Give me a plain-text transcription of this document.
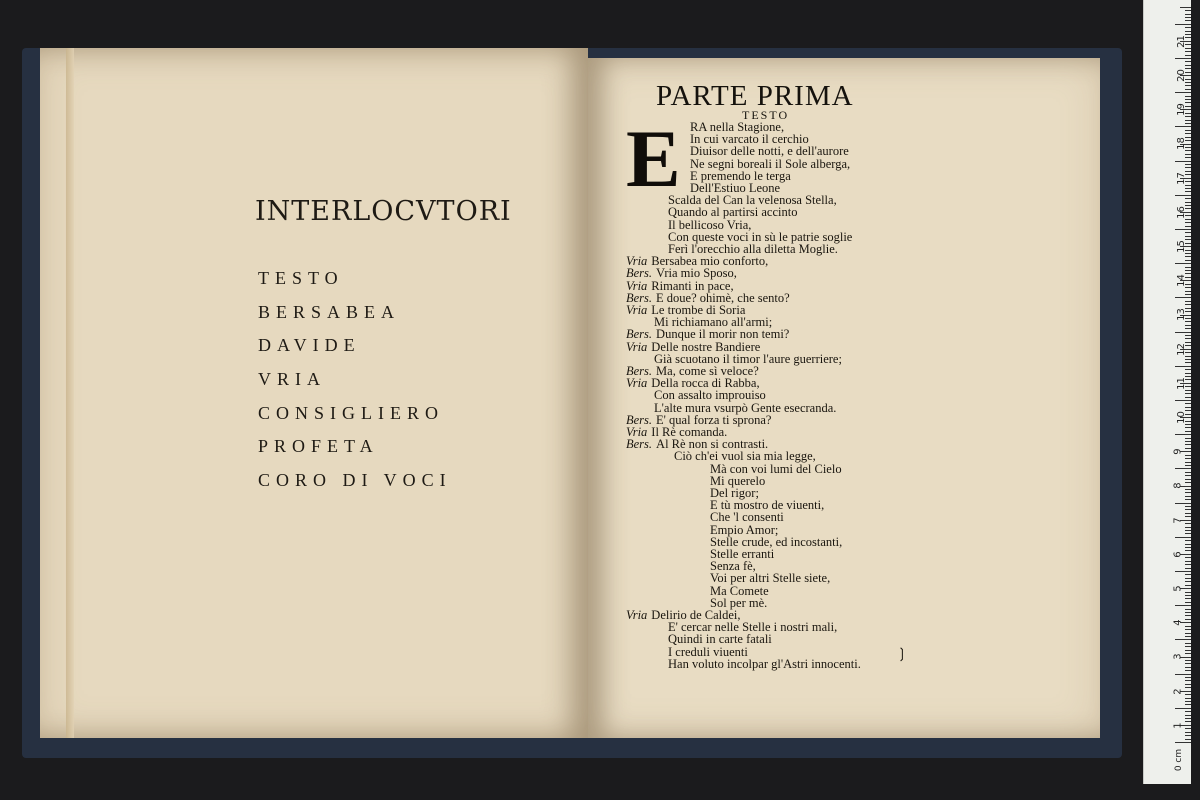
INTERLOCVTORI
TESTO
BERSABEA
DAVIDE
VRIA
CONSIGLIERO
PROFETA
CORO DI VOCI
PARTE PRIMA
TESTO
E RA nella Stagione,
In cui varcato il cerchio
Diuisor delle notti, e dell'aurore
Ne segni boreali il Sole alberga,
E premendo le terga
Dell'Estiuo Leone
Scalda del Can la velenosa Stella,
Quando al partirsi accinto
Il bellicoso Vria,
Con queste voci in sù le patrie soglie
Ferì l'orecchio alla diletta Moglie.
Vria Bersabea mio conforto,
Bers. Vria mio Sposo,
Vria Rimanti in pace,
Bers. E doue? ohimè, che sento?
Vria Le trombe di Soria
Mi richiamano all'armi;
Bers. Dunque il morir non temi?
Vria Delle nostre Bandiere
Già scuotano il timor l'aure guerriere;
Bers. Ma, come sì veloce?
Vria Della rocca di Rabba,
Con assalto improuiso
L'alte mura vsurpò Gente esecranda.
Bers. E' qual forza ti sprona?
Vria Il Rè comanda.
Bers. Al Rè non si contrasti.
Ciò ch'ei vuol sia mia legge,
Mà con voi lumi del Cielo
Mi querelo
Del rigor;
E tù mostro de viuenti,
Che 'l consenti
Empio Amor;
Stelle crude, ed incostanti,
Stelle erranti
Senza fè,
Voi per altri Stelle siete,
Ma Comete
Sol per mè.
Vria Delirio de Caldei,
E' cercar nelle Stelle i nostri mali,
Quindi in carte fatali
I creduli viuenti
Han voluto incolpar gl'Astri innocenti.
21
20
19
18
17
16
15
14
13
12
11
10
9
8
7
6
5
4
3
2
1
0 cm
❳
